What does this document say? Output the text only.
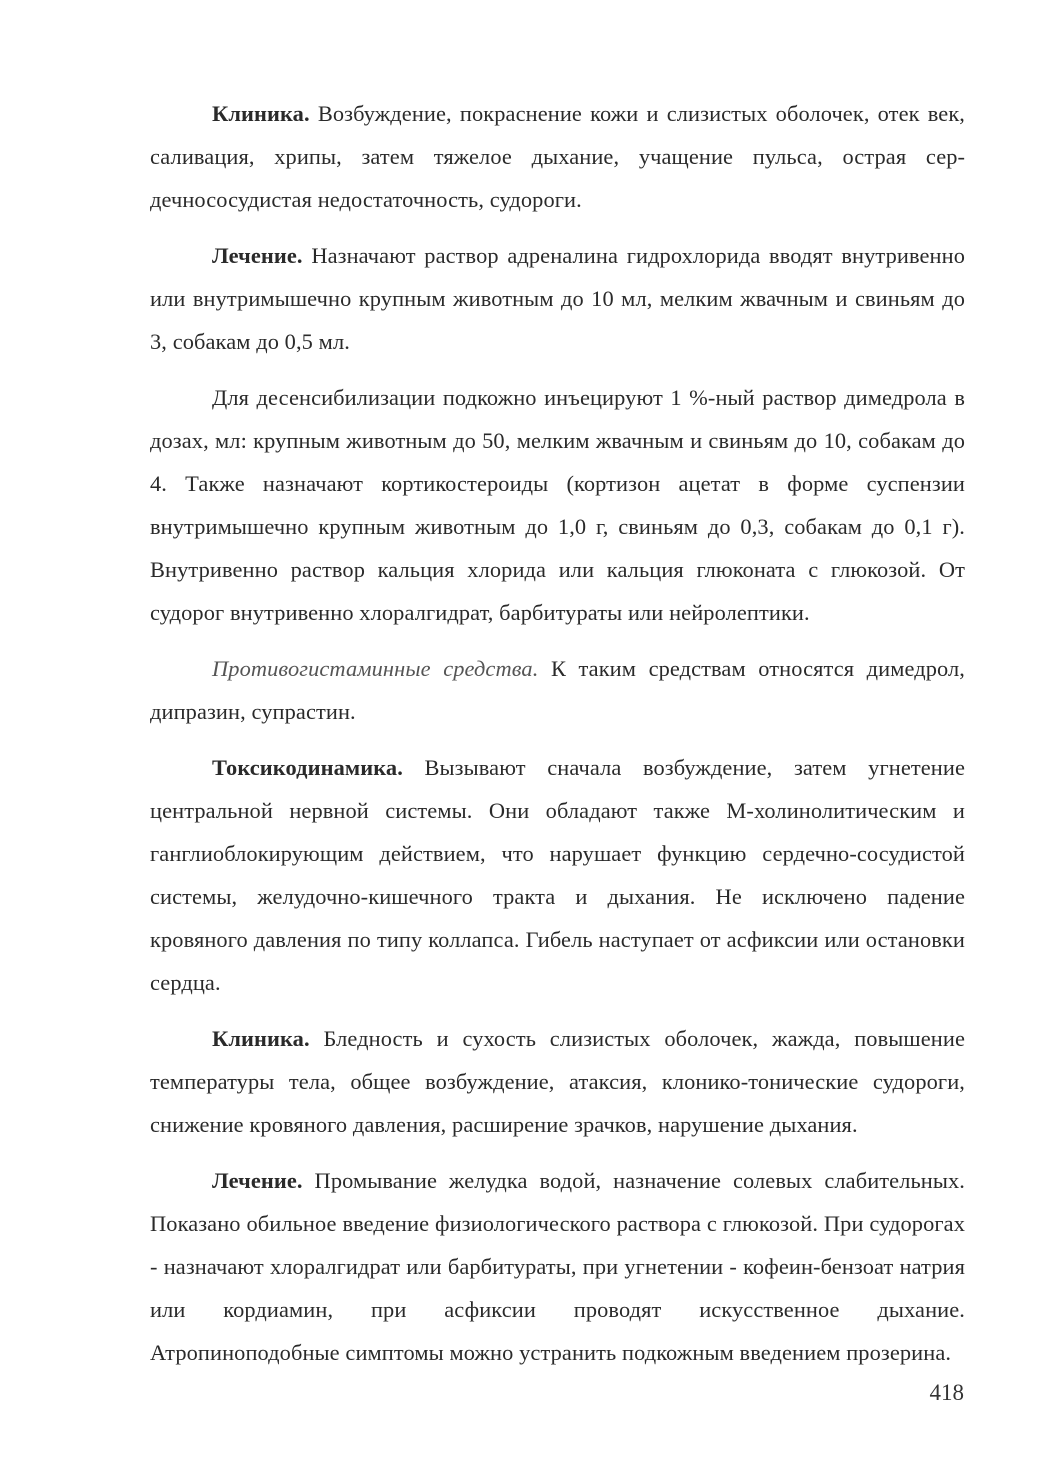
Клиника. Возбуждение, покраснение кожи и слизистых оболочек, отек век, саливация, хрипы, затем тяжелое дыхание, учащение пульса, острая сердечнососудистая недостаточность, судороги.

Лечение. Назначают раствор адреналина гидрохлорида вводят внутривенно или внутримышечно крупным животным до 10 мл, мелким жвачным и свиньям до 3, собакам до 0,5 мл.

Для десенсибилизации подкожно инъецируют 1 %-ный раствор димедрола в дозах, мл: крупным животным до 50, мелким жвачным и свиньям до 10, собакам до 4. Также назначают кортикостероиды (кортизон ацетат в форме суспензии внутримышечно крупным животным до 1,0 г, свиньям до 0,3, собакам до 0,1 г). Внутривенно раствор кальция хлорида или кальция глюконата с глюкозой. От судорог внутривенно хлоралгидрат, барбитураты или нейролептики.

Противогистаминные средства. К таким средствам относятся димедрол, дипразин, супрастин.

Токсикодинамика. Вызывают сначала возбуждение, затем угнетение центральной нервной системы. Они обладают также М-холинолитическим и ганглиоблокирующим действием, что нарушает функцию сердечно-сосудистой системы, желудочно-кишечного тракта и дыхания. Не исключено падение кровяного давления по типу коллапса. Гибель наступает от асфиксии или остановки сердца.

Клиника. Бледность и сухость слизистых оболочек, жажда, повышение температуры тела, общее возбуждение, атаксия, клонико-тонические судороги, снижение кровяного давления, расширение зрачков, нарушение дыхания.

Лечение. Промывание желудка водой, назначение солевых слабительных. Показано обильное введение физиологического раствора с глюкозой. При судорогах - назначают хлоралгидрат или барбитураты, при угнетении - кофеин-бензоат натрия или кордиамин, при асфиксии проводят искусственное дыхание. Атропиноподобные симптомы можно устранить подкожным введением прозерина.

418
